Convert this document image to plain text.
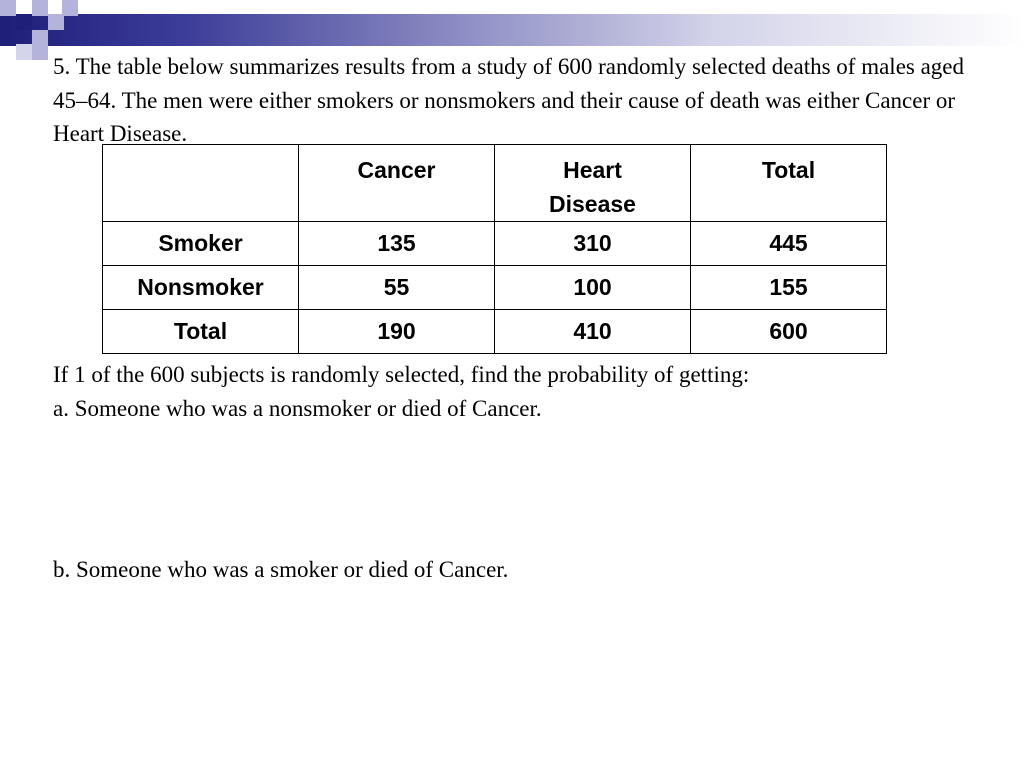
5. The table below summarizes results from a study of 600 randomly selected deaths of males aged 45–64. The men were either smokers or nonsmokers and their cause of death was either Cancer or Heart Disease.

	Cancer	Heart Disease	Total
Smoker	135	310	445
Nonsmoker	55	100	155
Total	190	410	600
If 1 of the 600 subjects is randomly selected, find the probability of getting:
a. Someone who was a nonsmoker or died of Cancer.
b. Someone who was a smoker or died of Cancer.
